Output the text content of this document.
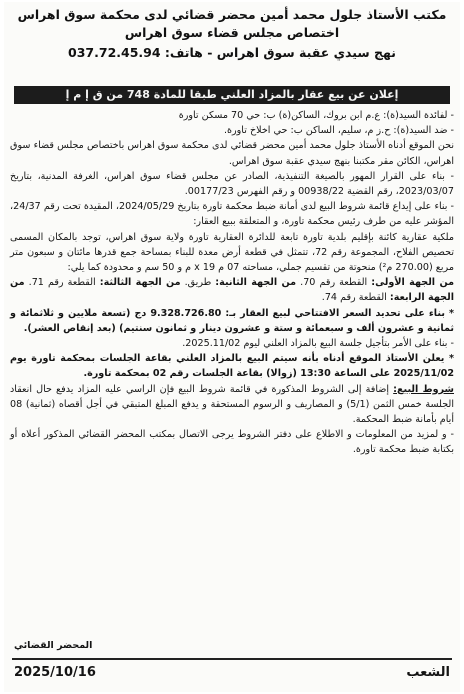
مكتب الأستاذ جلول محمد أمين محضر قضائي لدى محكمة سوق اهراس
اختصاص مجلس قضاء سوق اهراس
نهج سيدي عقبة سوق اهراس - هاتف: 037.72.45.94
إعلان عن بيع عقار بالمزاد العلني طبقا للمادة 748 من ق إ م إ

- لفائدة السيد(ة): ع.م ابن بروك، الساكن(ة) ب: حي 70 مسكن تاورة

- ضد السيد(ة): ح.ز م، سليم، الساكن ب: حي اخلاخ تاورة.

نحن الموقع أدناه الأستاذ جلول محمد أمين محضر قضائي لدى محكمة سوق اهراس باختصاص مجلس قضاء سوق اهراس، الكائن مقر مكتبنا بنهج سيدي عقبة سوق اهراس.

- بناء على القرار المهور بالصيغة التنفيذية، الصادر عن مجلس قضاء سوق اهراس، الغرفة المدنية، بتاريخ 2023/03/07، رقم القضية 00938/22 و رقم الفهرس 00177/23.

- بناء على إيداع قائمة شروط البيع لدى أمانة ضبط محكمة تاورة بتاريخ 2024/05/29، المقيدة تحت رقم 24/37، المؤشر عليه من طرف رئيس محكمة تاورة، و المتعلقة ببيع العقار:

ملكية عقارية كائنة بإقليم بلدية تاورة تابعة للدائرة العقارية تاورة ولاية سوق اهراس، توجد بالمكان المسمى تحصيص الفلاح، المجموعة رقم 72، تتمثل في قطعة أرض معدة للبناء بمساحة جمع قدرها مائتان و سبعون متر مربع (270.00 م²) منحوتة من تقسيم جملي، مساحته 07 م x 19 م و 50 سم و محدودة كما يلي:

من الجهة الأولى: القطعة رقم 70. من الجهة الثانية: طريق. من الجهة الثالثة: القطعة رقم 71. من الجهة الرابعة: القطعة رقم 74.

* بناء على تحديد السعر الافتتاحي لبيع العقار بـ: 9.328.726.80 دج (تسعة ملايين و ثلاثمائة و ثمانية و عشرون ألف و سبعمائة و ستة و عشرون دينار و ثمانون سنتيم) (بعد إنقاص العشر).

- بناء على الأمر بتأجيل جلسة البيع بالمزاد العلني ليوم 2025.11/02.

* يعلن الأستاذ الموقع أدناه بأنه سيتم البيع بالمزاد العلني بقاعة الجلسات بمحكمة تاورة يوم 2025/11/02 على الساعة 13:30 (زوالا) بقاعة الجلسات رقم 02 بمحكمة تاورة.

شروط البيع: إضافة إلى الشروط المذكورة في قائمة شروط البيع فإن الراسي عليه المزاد يدفع حال انعقاد الجلسة خمس الثمن (5/1) و المصاريف و الرسوم المستحقة و يدفع المبلغ المتبقي في أجل أقصاه (ثمانية) 08 أيام بأمانة ضبط المحكمة.

- و لمزيد من المعلومات و الاطلاع على دفتر الشروط يرجى الاتصال بمكتب المحضر القضائي المذكور أعلاه أو بكتابة ضبط محكمة تاورة.

المحضر القضائي
الشعب
2025/10/16
